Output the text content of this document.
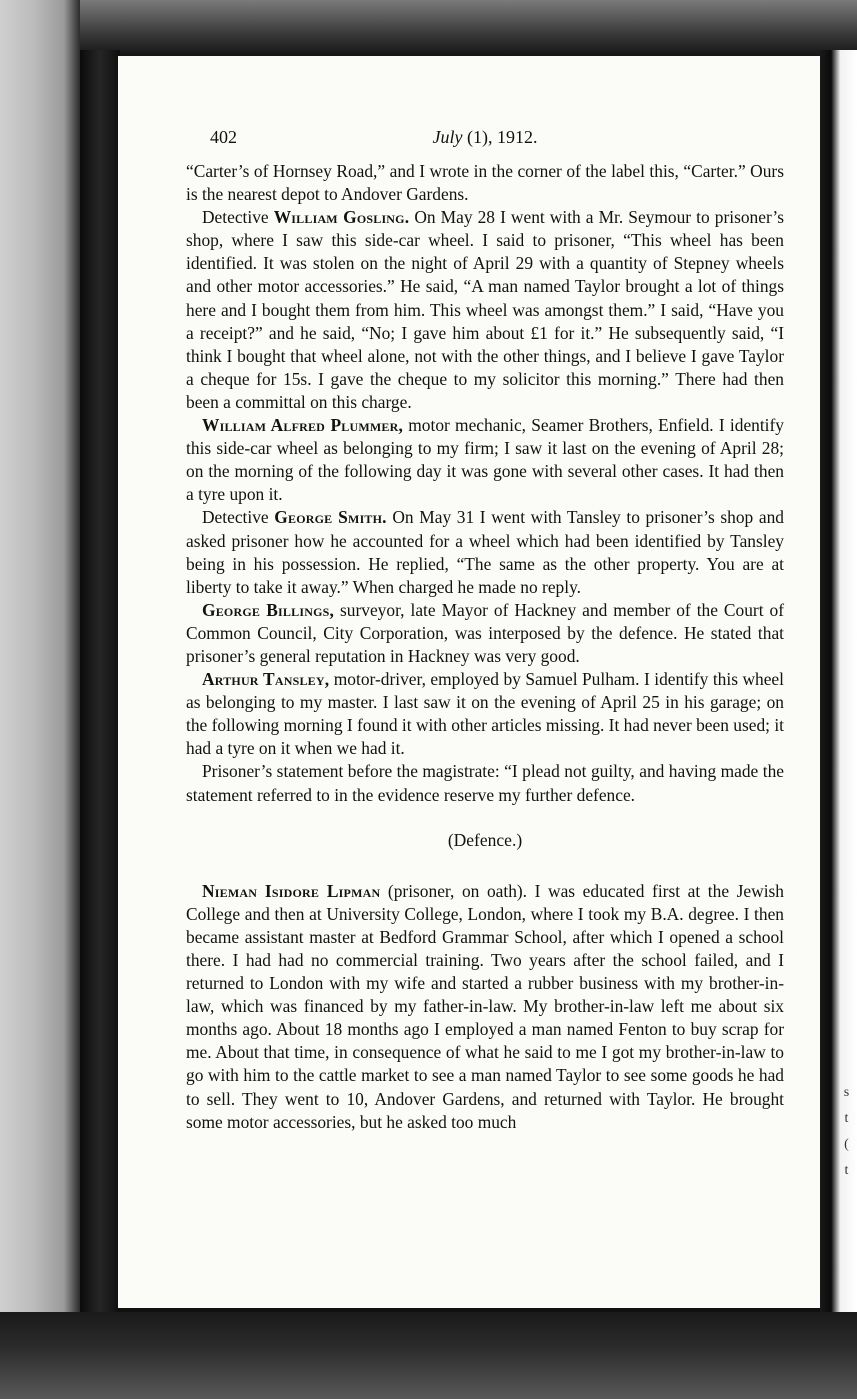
s
t
(
t
402	July (1), 1912.

“Carter’s of Hornsey Road,” and I wrote in the corner of the label this, “Carter.” Ours is the nearest depot to Andover Gardens.

Detective William Gosling. On May 28 I went with a Mr. Seymour to prisoner’s shop, where I saw this side-car wheel. I said to prisoner, “This wheel has been identified. It was stolen on the night of April 29 with a quantity of Stepney wheels and other motor accessories.” He said, “A man named Taylor brought a lot of things here and I bought them from him. This wheel was amongst them.” I said, “Have you a receipt?” and he said, “No; I gave him about £1 for it.” He subsequently said, “I think I bought that wheel alone, not with the other things, and I believe I gave Taylor a cheque for 15s. I gave the cheque to my solicitor this morning.” There had then been a committal on this charge.

William Alfred Plummer, motor mechanic, Seamer Brothers, Enfield. I identify this side-car wheel as belonging to my firm; I saw it last on the evening of April 28; on the morning of the following day it was gone with several other cases. It had then a tyre upon it.

Detective George Smith. On May 31 I went with Tansley to prisoner’s shop and asked prisoner how he accounted for a wheel which had been identified by Tansley being in his possession. He replied, “The same as the other property. You are at liberty to take it away.” When charged he made no reply.

George Billings, surveyor, late Mayor of Hackney and member of the Court of Common Council, City Corporation, was interposed by the defence. He stated that prisoner’s general reputation in Hackney was very good.

Arthur Tansley, motor-driver, employed by Samuel Pulham. I identify this wheel as belonging to my master. I last saw it on the evening of April 25 in his garage; on the following morning I found it with other articles missing. It had never been used; it had a tyre on it when we had it.

Prisoner’s statement before the magistrate: “I plead not guilty, and having made the statement referred to in the evidence reserve my further defence.

(Defence.)

Nieman Isidore Lipman (prisoner, on oath). I was educated first at the Jewish College and then at University College, London, where I took my B.A. degree. I then became assistant master at Bedford Grammar School, after which I opened a school there. I had had no commercial training. Two years after the school failed, and I returned to London with my wife and started a rubber business with my brother-in-law, which was financed by my father-in-law. My brother-in-law left me about six months ago. About 18 months ago I employed a man named Fenton to buy scrap for me. About that time, in consequence of what he said to me I got my brother-in-law to go with him to the cattle market to see a man named Taylor to see some goods he had to sell. They went to 10, Andover Gardens, and returned with Taylor. He brought some motor accessories, but he asked too much
